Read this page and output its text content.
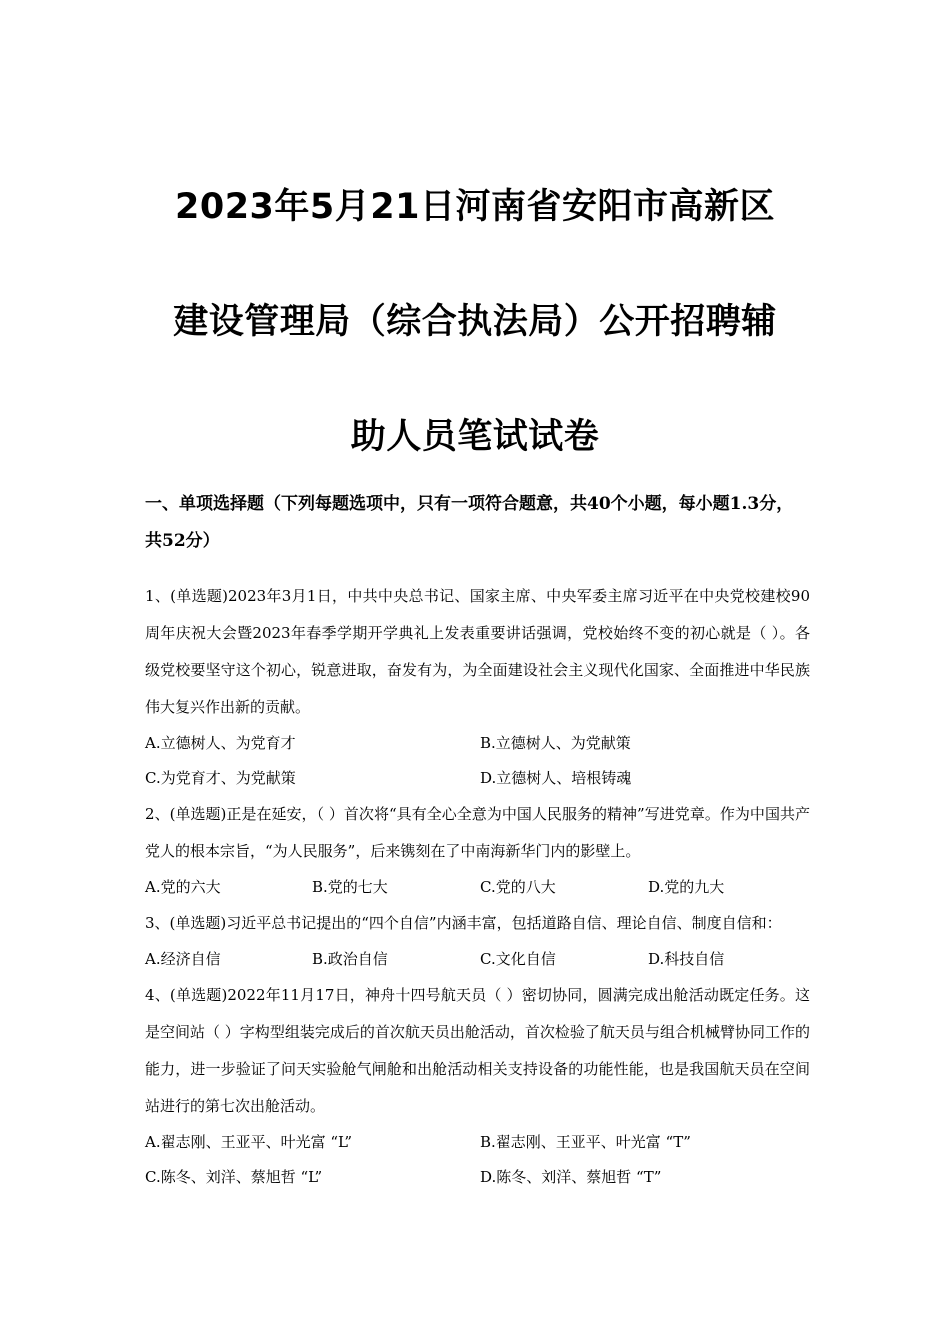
2023年5月21日河南省安阳市高新区
建设管理局（综合执法局）公开招聘辅
助人员笔试试卷

一、单项选择题（下列每题选项中，只有一项符合题意，共40个小题，每小题1.3分，共52分）

1、(单选题)2023年3月1日，中共中央总书记、国家主席、中央军委主席习近平在中央党校建校90周年庆祝大会暨2023年春季学期开学典礼上发表重要讲话强调，党校始终不变的初心就是（ ）。各级党校要坚守这个初心，锐意进取，奋发有为，为全面建设社会主义现代化国家、全面推进中华民族伟大复兴作出新的贡献。

A.立德树人、为党育才	B.立德树人、为党献策
C.为党育才、为党献策	D.立德树人、培根铸魂

2、(单选题)正是在延安，（ ）首次将“具有全心全意为中国人民服务的精神”写进党章。作为中国共产党人的根本宗旨，“为人民服务”，后来镌刻在了中南海新华门内的影壁上。

A.党的六大	B.党的七大	C.党的八大	D.党的九大

3、(单选题)习近平总书记提出的“四个自信”内涵丰富，包括道路自信、理论自信、制度自信和：

A.经济自信	B.政治自信	C.文化自信	D.科技自信

4、(单选题)2022年11月17日，神舟十四号航天员（ ）密切协同，圆满完成出舱活动既定任务。这是空间站（ ）字构型组装完成后的首次航天员出舱活动，首次检验了航天员与组合机械臂协同工作的能力，进一步验证了问天实验舱气闸舱和出舱活动相关支持设备的功能性能，也是我国航天员在空间站进行的第七次出舱活动。

A.翟志刚、王亚平、叶光富 “L”	B.翟志刚、王亚平、叶光富 “T”
C.陈冬、刘洋、蔡旭哲 “L”	D.陈冬、刘洋、蔡旭哲 “T”
